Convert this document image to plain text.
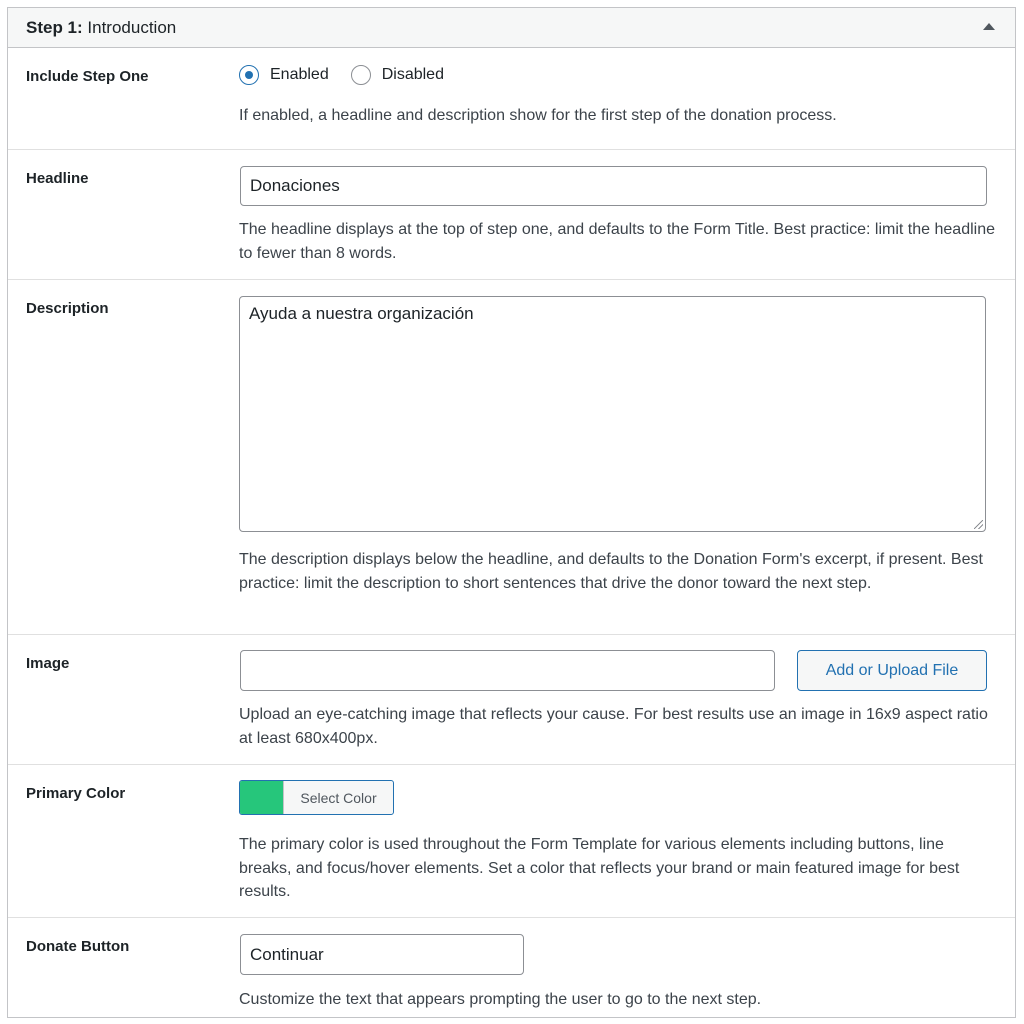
Step 1: Introduction
Include Step One	Enabled	Disabled
If enabled, a headline and description show for the first step of the donation process.
Headline	Donaciones
The headline displays at the top of step one, and defaults to the Form Title. Best practice: limit the headline to fewer than 8 words.
Description	Ayuda a nuestra organización
The description displays below the headline, and defaults to the Donation Form's excerpt, if present. Best practice: limit the description to short sentences that drive the donor toward the next step.
Image	Add or Upload File
Upload an eye-catching image that reflects your cause. For best results use an image in 16x9 aspect ratio at least 680x400px.
Primary Color	Select Color
The primary color is used throughout the Form Template for various elements including buttons, line breaks, and focus/hover elements. Set a color that reflects your brand or main featured image for best results.
Donate Button	Continuar
Customize the text that appears prompting the user to go to the next step.
